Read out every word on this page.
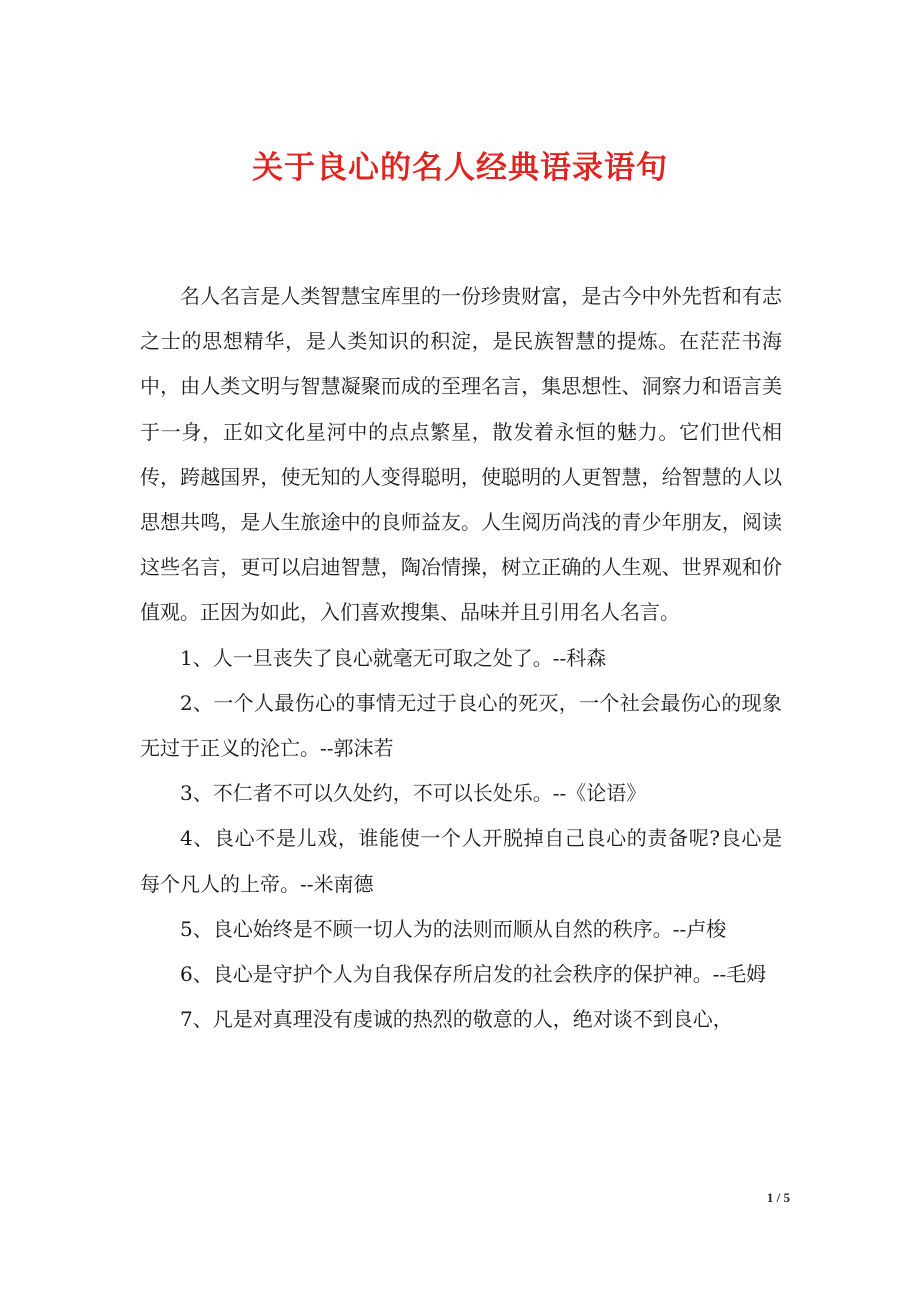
关于良心的名人经典语录语句

名人名言是人类智慧宝库里的一份珍贵财富，是古今中外先哲和有志之士的思想精华，是人类知识的积淀，是民族智慧的提炼。在茫茫书海中，由人类文明与智慧凝聚而成的至理名言，集思想性、洞察力和语言美于一身，正如文化星河中的点点繁星，散发着永恒的魅力。它们世代相传，跨越国界，使无知的人变得聪明，使聪明的人更智慧，给智慧的人以思想共鸣，是人生旅途中的良师益友。人生阅历尚浅的青少年朋友，阅读这些名言，更可以启迪智慧，陶冶情操，树立正确的人生观、世界观和价值观。正因为如此，入们喜欢搜集、品味并且引用名人名言。

1、人一旦丧失了良心就毫无可取之处了。--科森

2、一个人最伤心的事情无过于良心的死灭，一个社会最伤心的现象无过于正义的沦亡。--郭沫若

3、不仁者不可以久处约，不可以长处乐。--《论语》

4、良心不是儿戏，谁能使一个人开脱掉自己良心的责备呢?良心是每个凡人的上帝。--米南德

5、良心始终是不顾一切人为的法则而顺从自然的秩序。--卢梭

6、良心是守护个人为自我保存所启发的社会秩序的保护神。--毛姆

7、凡是对真理没有虔诚的热烈的敬意的人，绝对谈不到良心，

1 / 5
